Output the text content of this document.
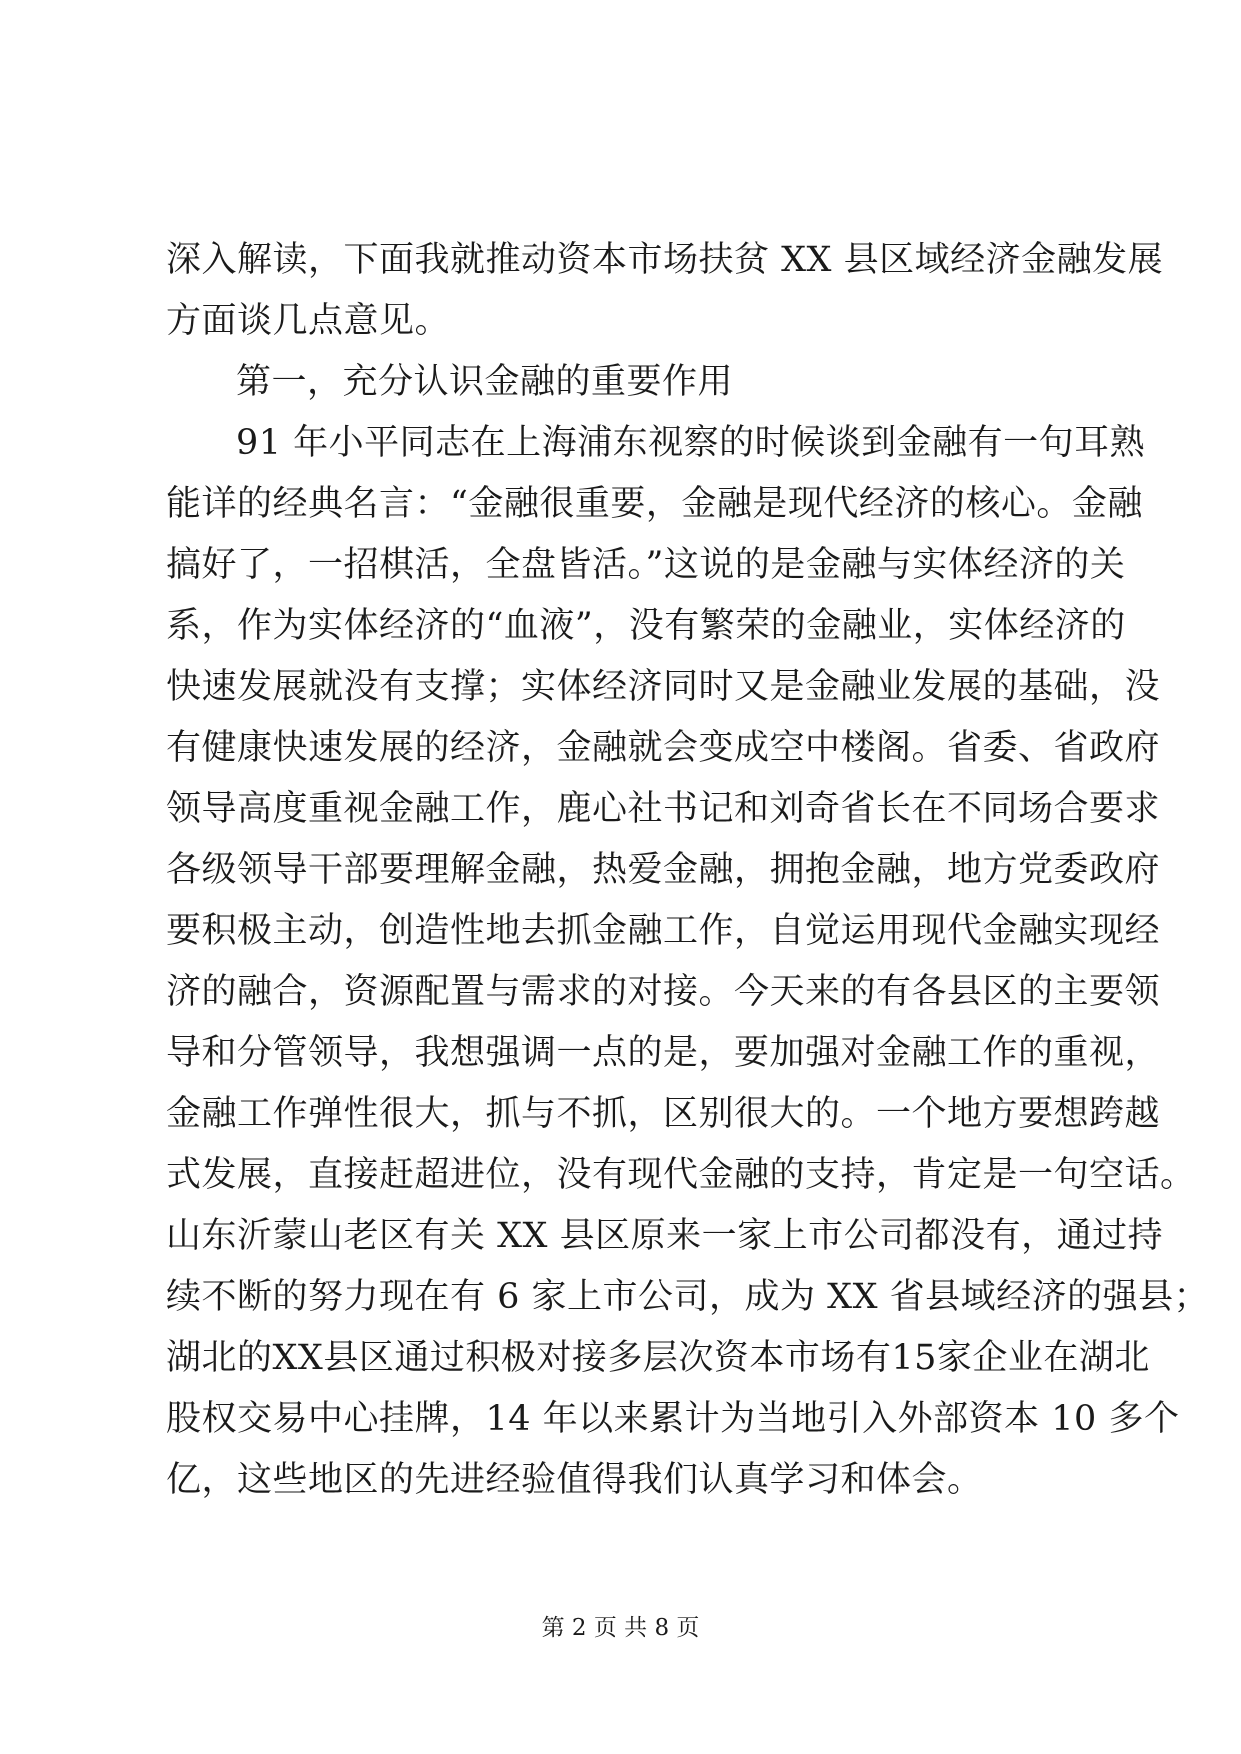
深入解读，下面我就推动资本市场扶贫 XX 县区域经济金融发展
方面谈几点意见。
第一，充分认识金融的重要作用
91 年小平同志在上海浦东视察的时候谈到金融有一句耳熟
能详的经典名言：“金融很重要，金融是现代经济的核心。金融
搞好了，一招棋活，全盘皆活。”这说的是金融与实体经济的关
系，作为实体经济的“血液”，没有繁荣的金融业，实体经济的
快速发展就没有支撑；实体经济同时又是金融业发展的基础，没
有健康快速发展的经济，金融就会变成空中楼阁。省委、省政府
领导高度重视金融工作，鹿心社书记和刘奇省长在不同场合要求
各级领导干部要理解金融，热爱金融，拥抱金融，地方党委政府
要积极主动，创造性地去抓金融工作，自觉运用现代金融实现经
济的融合，资源配置与需求的对接。今天来的有各县区的主要领
导和分管领导，我想强调一点的是，要加强对金融工作的重视，
金融工作弹性很大，抓与不抓，区别很大的。一个地方要想跨越
式发展，直接赶超进位，没有现代金融的支持，肯定是一句空话。
山东沂蒙山老区有关 XX 县区原来一家上市公司都没有，通过持
续不断的努力现在有 6 家上市公司，成为 XX 省县域经济的强县；
湖北的XX县区通过积极对接多层次资本市场有15家企业在湖北
股权交易中心挂牌，14 年以来累计为当地引入外部资本 10 多个
亿，这些地区的先进经验值得我们认真学习和体会。
第 2 页 共 8 页
